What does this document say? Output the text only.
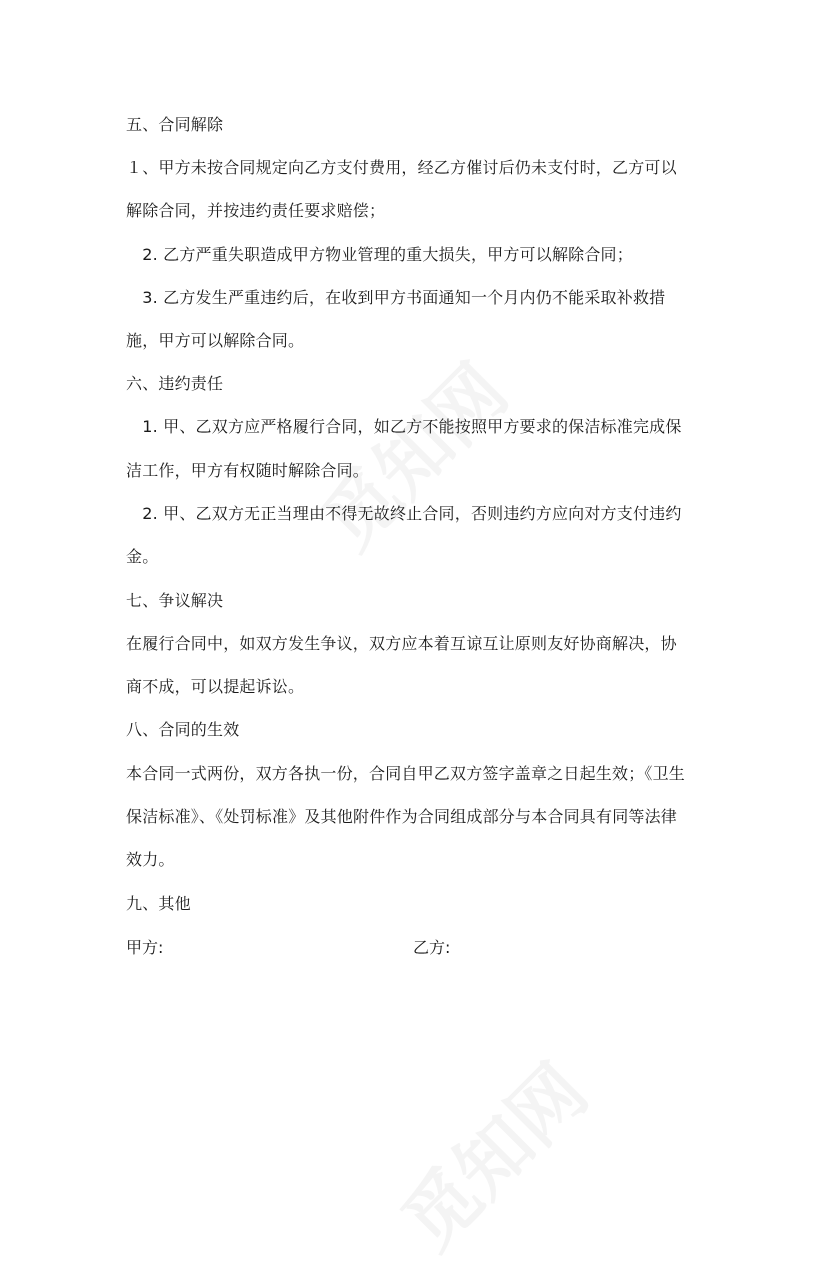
五、合同解除
１、甲方未按合同规定向乙方支付费用，经乙方催讨后仍未支付时，乙方可以
解除合同，并按违约责任要求赔偿；
　2. 乙方严重失职造成甲方物业管理的重大损失，甲方可以解除合同；
　3. 乙方发生严重违约后，在收到甲方书面通知一个月内仍不能采取补救措
施，甲方可以解除合同。
六、违约责任
　1. 甲、乙双方应严格履行合同，如乙方不能按照甲方要求的保洁标准完成保
洁工作，甲方有权随时解除合同。
　2. 甲、乙双方无正当理由不得无故终止合同，否则违约方应向对方支付违约
金。
七、争议解决
在履行合同中，如双方发生争议，双方应本着互谅互让原则友好协商解决，协
商不成，可以提起诉讼。
八、合同的生效
本合同一式两份，双方各执一份，合同自甲乙双方签字盖章之日起生效；《卫生
保洁标准》、《处罚标准》及其他附件作为合同组成部分与本合同具有同等法律
效力。
九、其他
甲方:	乙方:
